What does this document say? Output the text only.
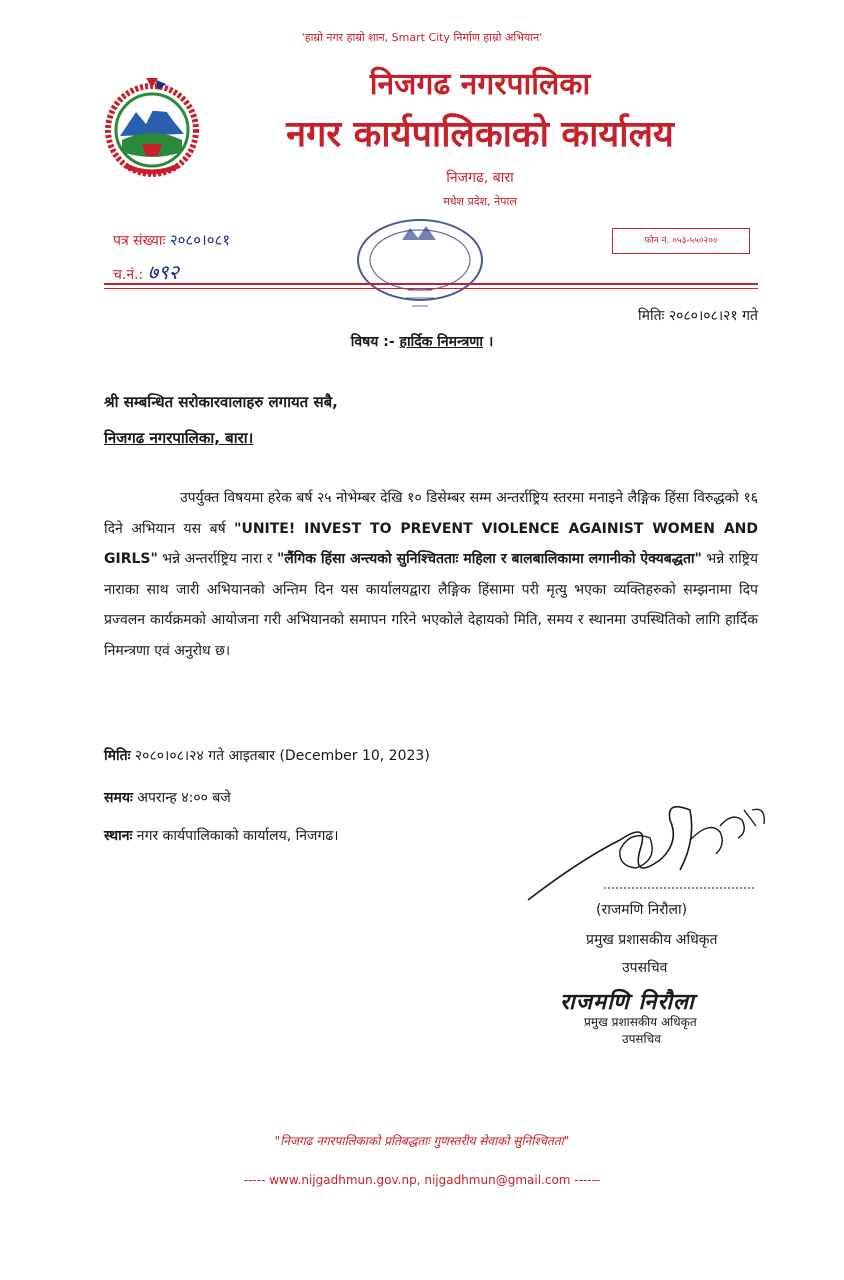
'हाम्रो नगर हाम्रो शान, Smart City निर्माण हाम्रो अभियान'
निजगढ नगरपालिका
नगर कार्यपालिकाको कार्यालय
निजगढ, बारा
मधेश प्रदेश, नेपाल
पत्र संख्याः २०८०।०८१
च.नं.: ७९२
फोन नं. ०५३-५५०२००
मितिः २०८०।०८।२१ गते
विषय :- हार्दिक निमन्त्रणा ।
श्री सम्बन्धित सरोकारवालाहरु लगायत सबै,
निजगढ नगरपालिका, बारा।
उपर्युक्त विषयमा हरेक बर्ष २५ नोभेम्बर देखि १० डिसेम्बर सम्म अन्तर्राष्ट्रिय स्तरमा मनाइने लैङ्गिक हिंसा विरुद्धको १६ दिने अभियान यस बर्ष "UNITE! INVEST TO PREVENT VIOLENCE AGAINIST WOMEN AND GIRLS" भन्ने अन्तर्राष्ट्रिय नारा र "लैंगिक हिंसा अन्त्यको सुनिश्चितताः महिला र बालबालिकामा लगानीको ऐक्यबद्धता" भन्ने राष्ट्रिय नाराका साथ जारी अभियानको अन्तिम दिन यस कार्यालयद्वारा लैङ्गिक हिंसामा परी मृत्यु भएका व्यक्तिहरुको सम्झनामा दिप प्रज्वलन कार्यक्रमको आयोजना गरी अभियानको समापन गरिने भएकोले देहायको मिति, समय र स्थानमा उपस्थितिको लागि हार्दिक निमन्त्रणा एवं अनुरोध छ।
मितिः २०८०।०८।२४ गते आइतबार (December 10, 2023)
समयः अपरान्ह ४:०० बजे
स्थानः नगर कार्यपालिकाको कार्यालय, निजगढ।
(राजमणि निरौला)
प्रमुख प्रशासकीय अधिकृत
उपसचिव
राजमणि निरौला
प्रमुख प्रशासकीय अधिकृत
उपसचिव
"निजगढ नगरपालिकाको प्रतिबद्धताः गुणस्तरीय सेवाको सुनिश्चितता"
----- www.nijgadhmun.gov.np, nijgadhmun@gmail.com ------
